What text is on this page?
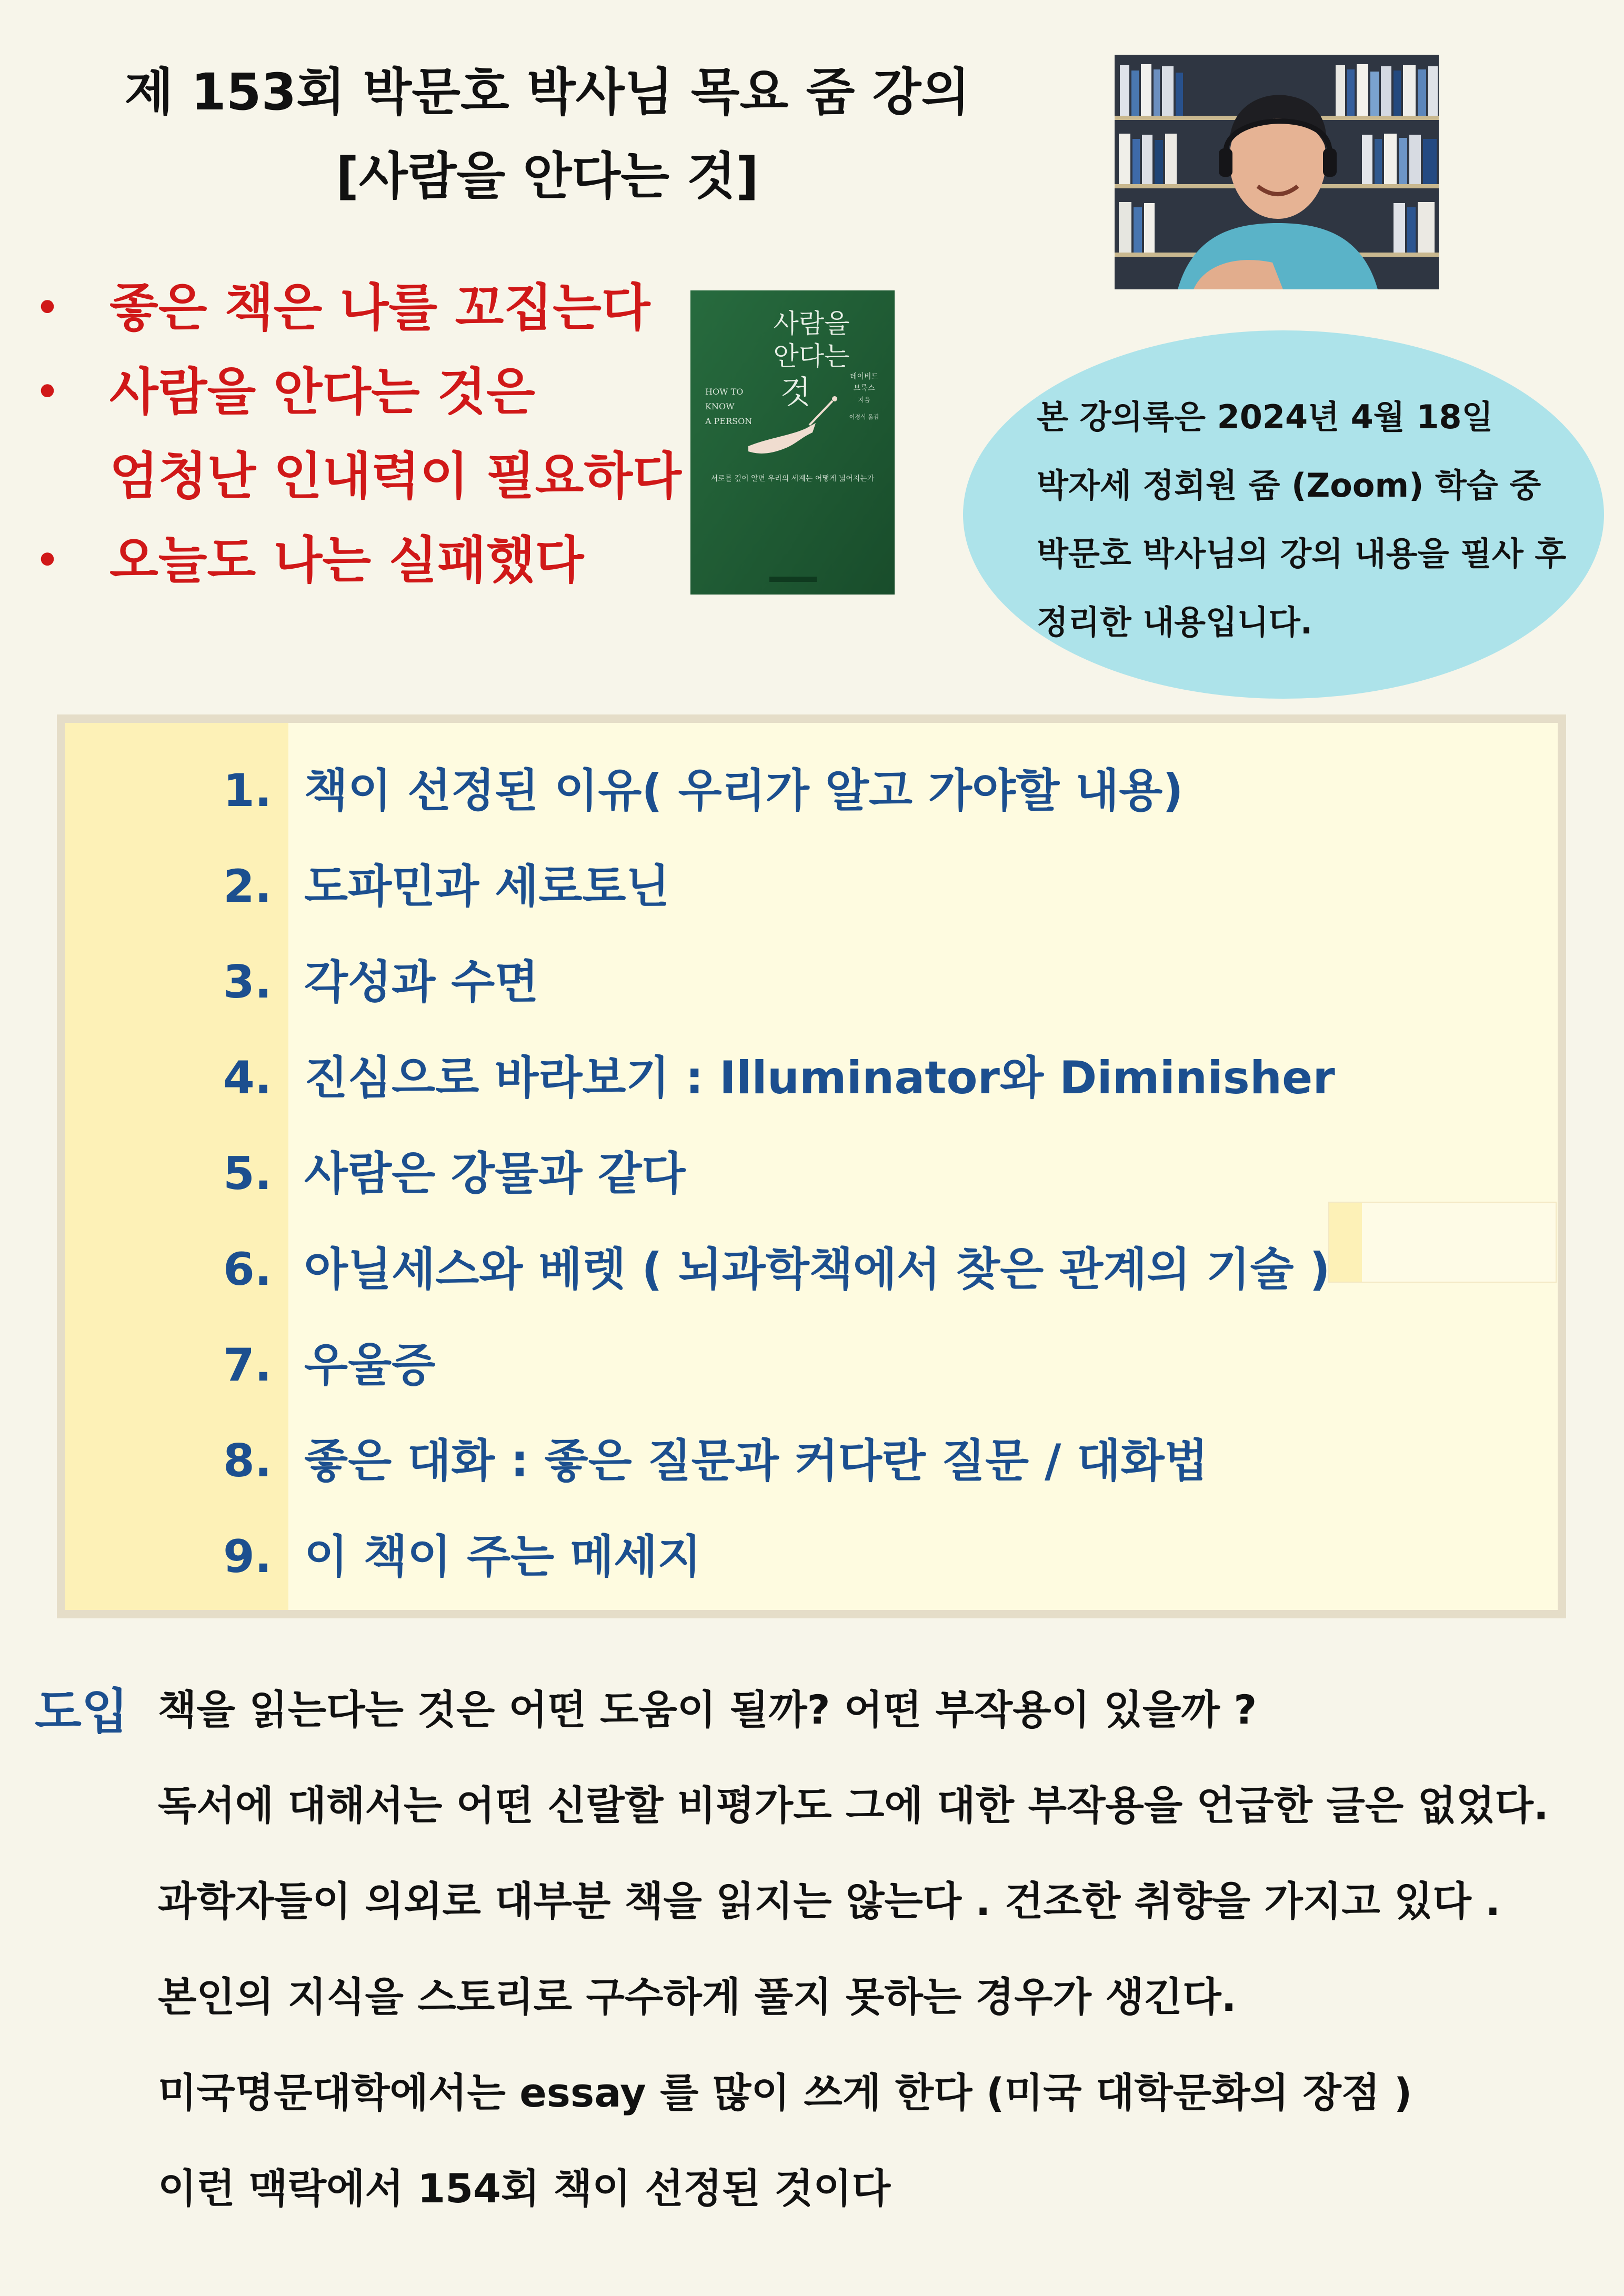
제 153회 박문호 박사님 목요 줌 강의
[사람을 안다는 것]
• 좋은 책은 나를 꼬집는다
• 사람을 안다는 것은
엄청난 인내력이 필요하다
• 오늘도 나는 실패했다
사람을
안다는
것
HOW TO
KNOW
A PERSON
데이비드
브룩스
지음
이경식 옮김
서로를 깊이 알면 우리의 세계는 어떻게 넓어지는가
본 강의록은 2024년 4월 18일
박자세 정회원 줌 (Zoom) 학습 중
박문호 박사님의 강의 내용을 필사 후
정리한 내용입니다.
1. 책이 선정된 이유( 우리가 알고 가야할 내용)
2. 도파민과 세로토닌
3. 각성과 수면
4. 진심으로 바라보기 : Illuminator와 Diminisher
5. 사람은 강물과 같다
6. 아닐세스와 베렛 ( 뇌과학책에서 찾은 관계의 기술 )
7. 우울증
8. 좋은 대화 : 좋은 질문과 커다란 질문 / 대화법
9. 이 책이 주는 메세지
도입 책을 읽는다는 것은 어떤 도움이 될까? 어떤 부작용이 있을까 ?
독서에 대해서는 어떤 신랄할 비평가도 그에 대한 부작용을 언급한 글은 없었다.
과학자들이 의외로 대부분 책을 읽지는 않는다 . 건조한 취향을 가지고 있다 .
본인의 지식을 스토리로 구수하게 풀지 못하는 경우가 생긴다.
미국명문대학에서는 essay 를 많이 쓰게 한다 (미국 대학문화의 장점 )
이런 맥락에서 154회 책이 선정된 것이다
